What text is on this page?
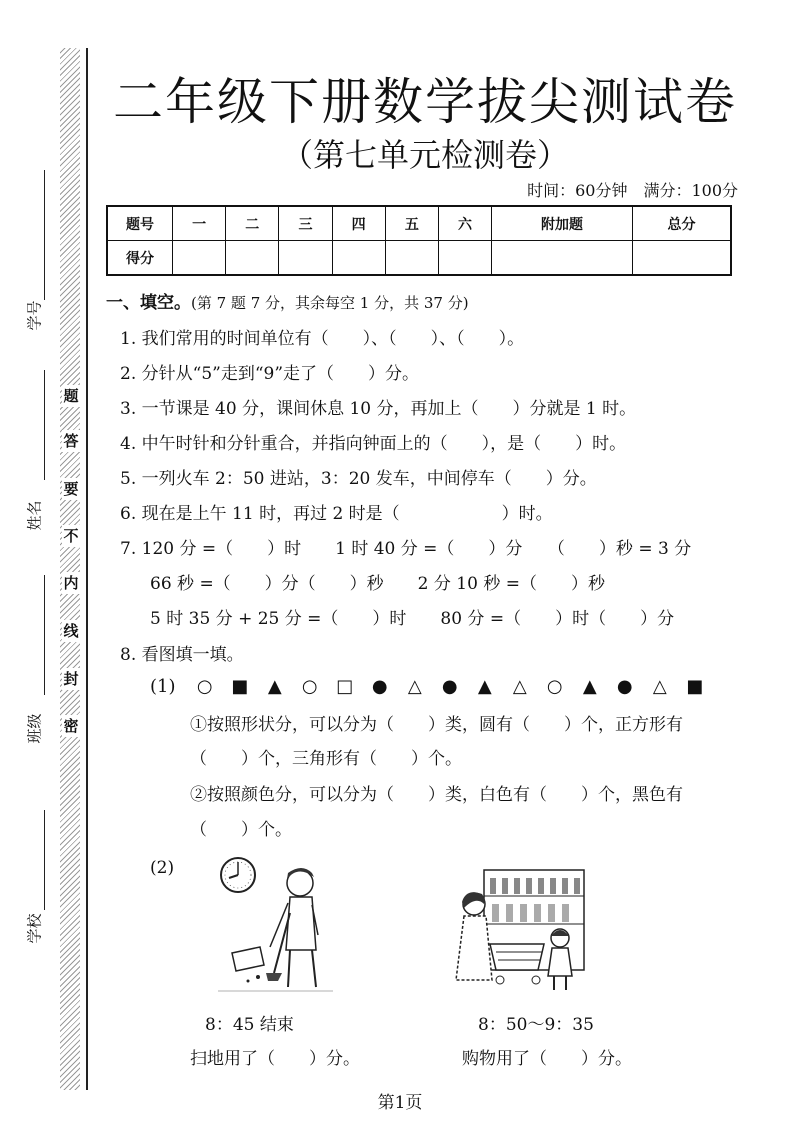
学号
姓名
班级
学校
题
答
要
不
内
线
封
密
二年级下册数学拔尖测试卷
（第七单元检测卷）
时间：60分钟　满分：100分
题号	一	二	三	四	五	六	附加题	总分
得分								
一、填空。(第 7 题 7 分，其余每空 1 分，共 37 分)
1. 我们常用的时间单位有（　　）、（　　）、（　　）。
2. 分针从“5”走到“9”走了（　　）分。
3. 一节课是 40 分，课间休息 10 分，再加上（　　）分就是 1 时。
4. 中午时针和分针重合，并指向钟面上的（　　），是（　　）时。
5. 一列火车 2：50 进站，3：20 发车，中间停车（　　）分。
6. 现在是上午 11 时，再过 2 时是（　　　　　　）时。
7. 120 分 =（　　）时　　1 时 40 分 =（　　）分　　（　　）秒 = 3 分
66 秒 =（　　）分（　　）秒　　2 分 10 秒 =（　　）秒
5 时 35 分 + 25 分 =（　　）时　　80 分 =（　　）时（　　）分
8. 看图填一填。
(1) ○ ■ ▲ ○ □ ● △ ● ▲ △ ○ ▲ ● △ ■
①按照形状分，可以分为（　　）类，圆有（　　）个，正方形有
（　　）个，三角形有（　　）个。
②按照颜色分，可以分为（　　）类，白色有（　　）个，黑色有
（　　）个。
(2)
8：45 结束
扫地用了（　　）分。
8：50～9：35
购物用了（　　）分。
第1页
